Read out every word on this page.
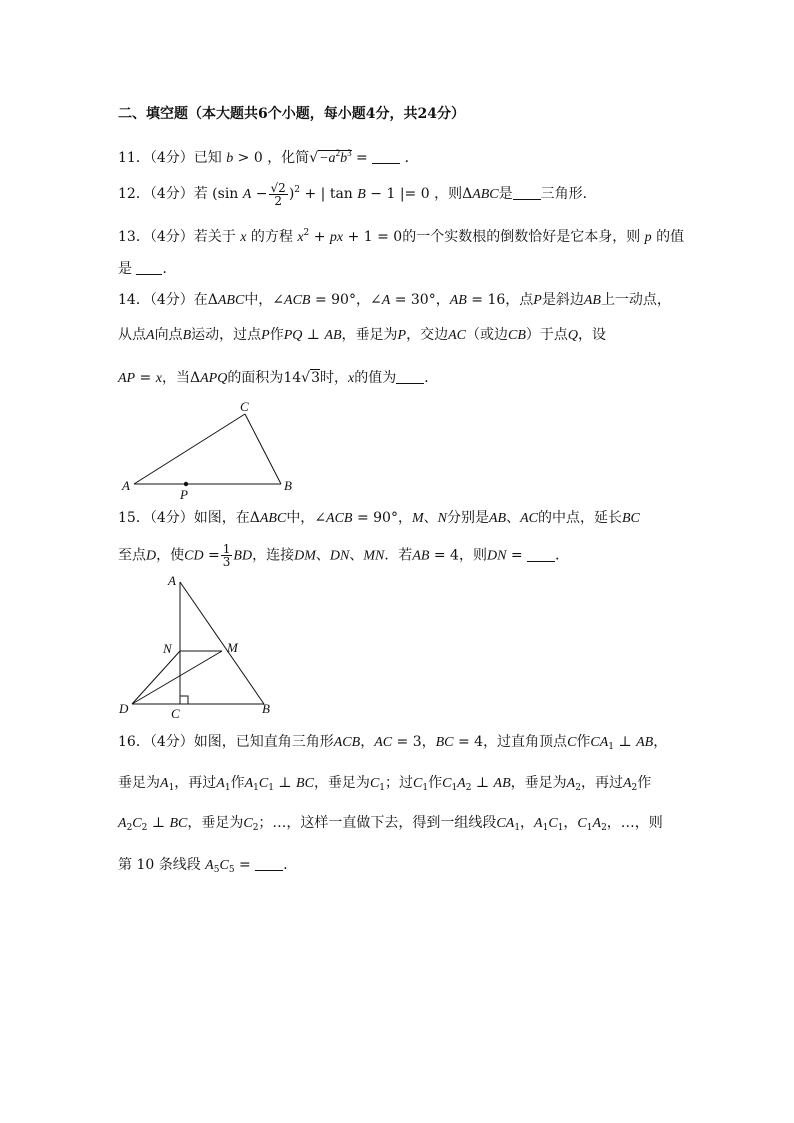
二、填空题（本大题共6个小题，每小题4分，共24分）
11．（4分）已知 b > 0 ，化简$√-a^2b^3$ =  ．
12．（4分）若 (sin $A - \frac{√2}{2} )^2$ + | tan B − 1 |= 0 ，则ΔABC是 三角形．
13．（4分）若关于 x 的方程 $x^2$ + px + 1 = 0的一个实数根的倒数恰好是它本身，则 p 的值
是 ．
14．（4分）在ΔABC中，∠ACB = 90°，∠A = 30°，AB = 16，点P是斜边AB上一动点，
从点A向点B运动，过点P作PQ ⊥ AB，垂足为P，交边AC（或边CB）于点Q，设
AP = x，当ΔAPQ的面积为14√3时，x的值为 ．
A
C
B
P
15．（4分）如图，在ΔABC中，∠ACB = 90°，M、N分别是AB、AC的中点，延长BC
至点D，使CD = $\frac{1}{3}$ BD，连接DM、DN、MN．若AB = 4，则DN = ．
A
N	M
D	C	B
16．（4分）如图，已知直角三角形ACB，AC = 3，BC = 4，过直角顶点C作$CA_1$ ⊥ AB，
垂足为$A_1$，再过$A_1$作$A_1C_1$ ⊥ BC，垂足为$C_1$；过$C_1$作$C_1A_2$ ⊥ AB，垂足为$A_2$，再过$A_2$作
$A_2C_2$ ⊥ BC，垂足为$C_2$；…，这样一直做下去，得到一组线段$CA_1$，$A_1C_1$，$C_1A_2$，…，则
第 10 条线段 $A_5C_5$ = ．
